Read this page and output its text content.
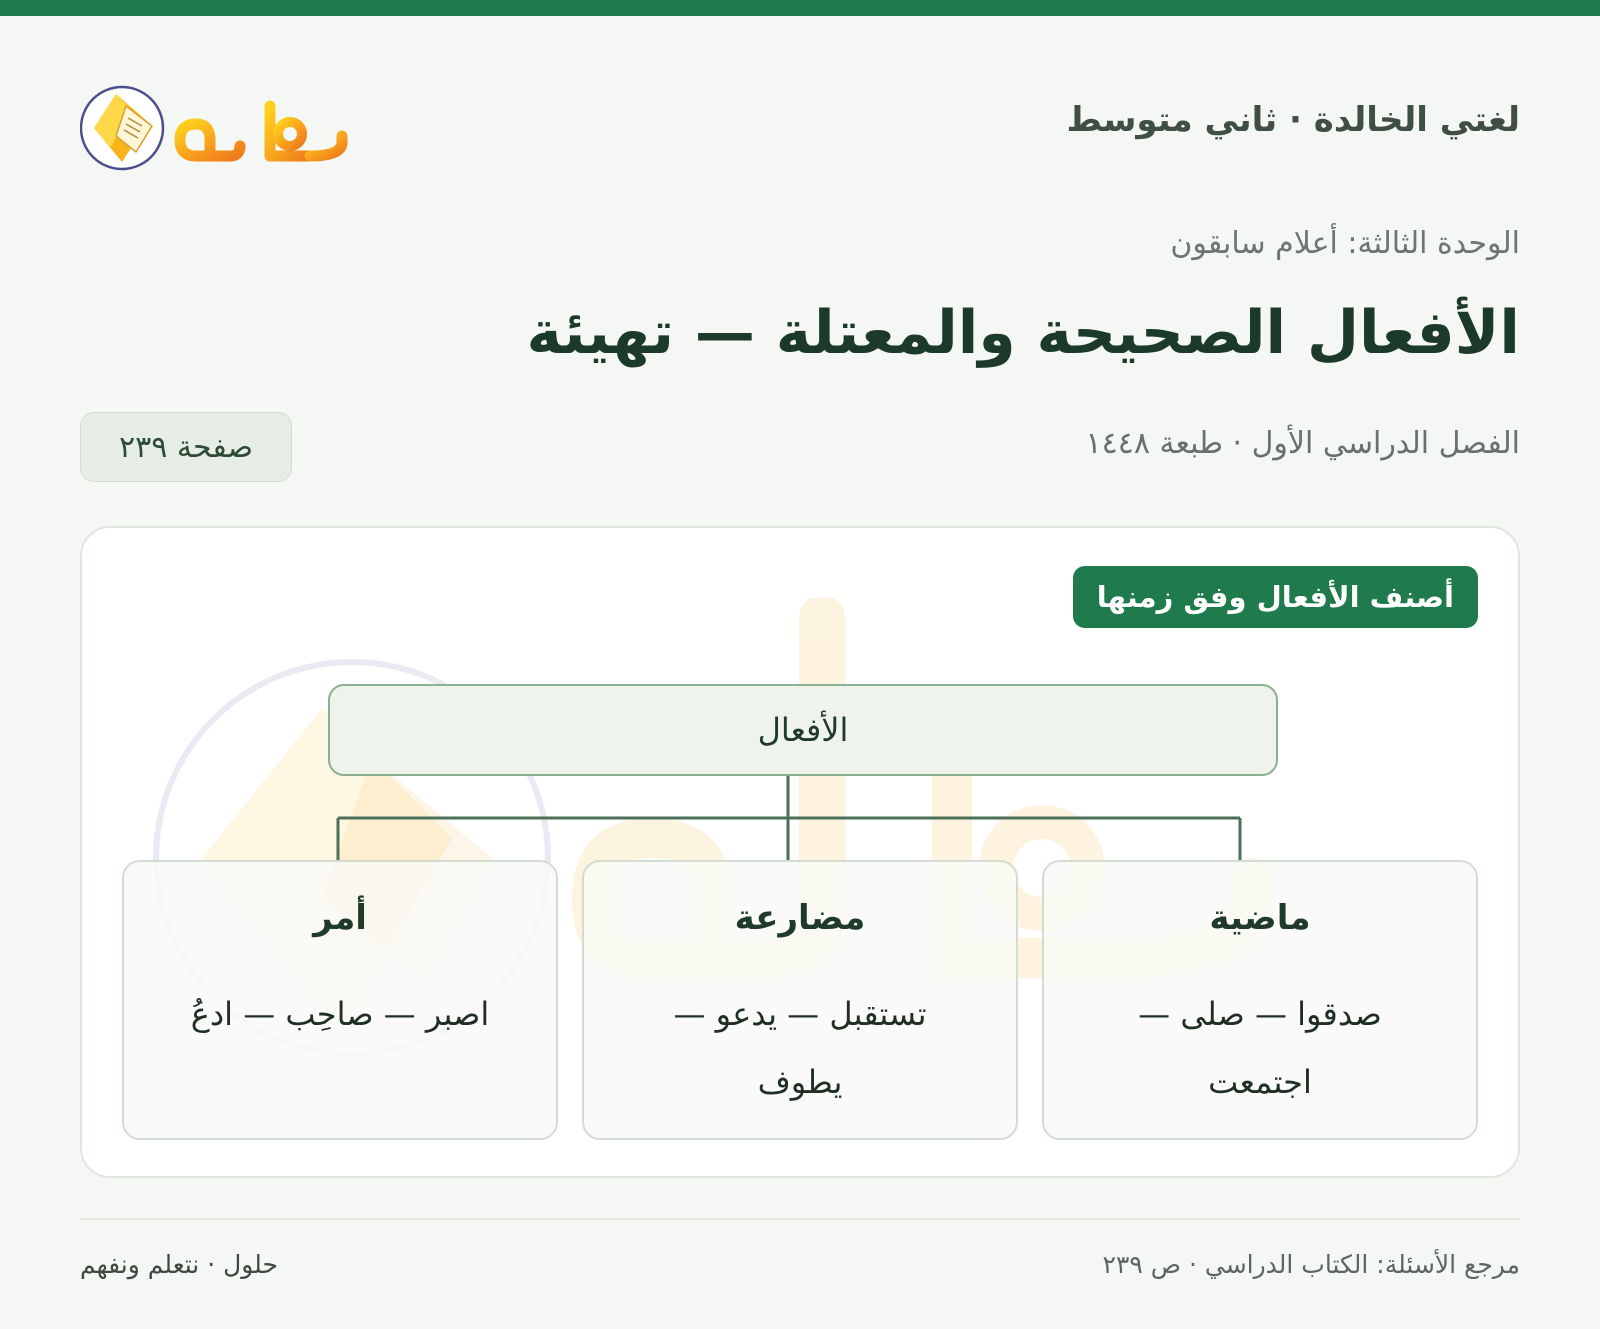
لغتي الخالدة · ثاني متوسط
الوحدة الثالثة: أعلام سابقون
الأفعال الصحيحة والمعتلة — تهيئة
الفصل الدراسي الأول · طبعة ١٤٤٨
صفحة ٢٣٩
أصنف الأفعال وفق زمنها
الأفعال
ماضية
صدقوا — صلى — اجتمعت
مضارعة
تستقبل — يدعو — يطوف
أمر
اصبر — صاحِب — ادعُ
مرجع الأسئلة: الكتاب الدراسي · ص ٢٣٩
حلول · نتعلم ونفهم
